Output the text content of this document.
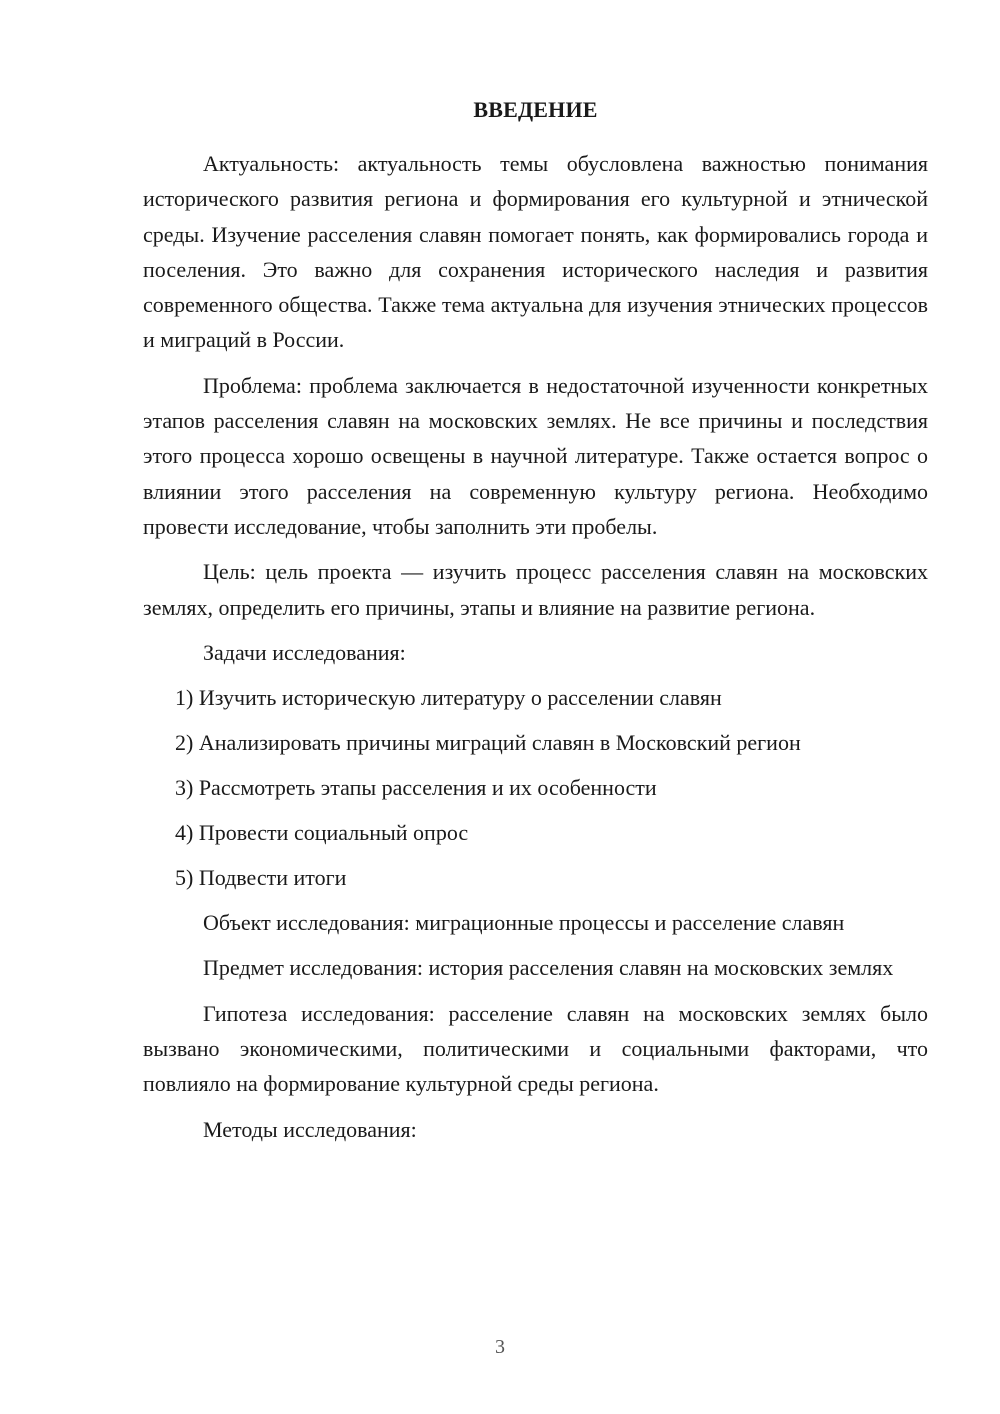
ВВЕДЕНИЕ

Актуальность: актуальность темы обусловлена важностью понимания исторического развития региона и формирования его культурной и этнической среды. Изучение расселения славян помогает понять, как формировались города и поселения. Это важно для сохранения исторического наследия и развития современного общества. Также тема актуальна для изучения этнических процессов и миграций в России.

Проблема: проблема заключается в недостаточной изученности конкретных этапов расселения славян на московских землях. Не все причины и последствия этого процесса хорошо освещены в научной литературе. Также остается вопрос о влиянии этого расселения на современную культуру региона. Необходимо провести исследование, чтобы заполнить эти пробелы.

Цель: цель проекта — изучить процесс расселения славян на московских землях, определить его причины, этапы и влияние на развитие региона.

Задачи исследования:

1) Изучить историческую литературу о расселении славян
2) Анализировать причины миграций славян в Московский регион
3) Рассмотреть этапы расселения и их особенности
4) Провести социальный опрос
5) Подвести итоги

Объект исследования: миграционные процессы и расселение славян

Предмет исследования: история расселения славян на московских землях

Гипотеза исследования: расселение славян на московских землях было вызвано экономическими, политическими и социальными факторами, что повлияло на формирование культурной среды региона.

Методы исследования:

3
